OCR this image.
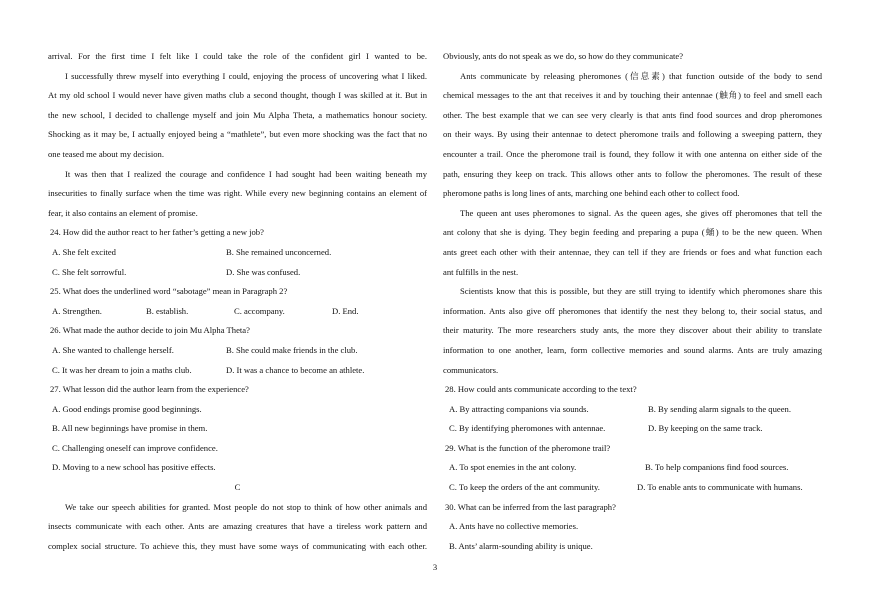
arrival. For the first time I felt like I could take the role of the confident girl I wanted to be.
I successfully threw myself into everything I could, enjoying the process of uncovering what I liked.
At my old school I would never have given maths club a second thought, though I was skilled at it. But in
the new school, I decided to challenge myself and join Mu Alpha Theta, a mathematics honour society.
Shocking as it may be, I actually enjoyed being a “mathlete”, but even more shocking was the fact that no
one teased me about my decision.
It was then that I realized the courage and confidence I had sought had been waiting beneath my
insecurities to finally surface when the time was right. While every new beginning contains an element of
fear, it also contains an element of promise.
24. How did the author react to her father’s getting a new job?
A. She felt excited	B. She remained unconcerned.
C. She felt sorrowful.	D. She was confused.
25. What does the underlined word “sabotage” mean in Paragraph 2?
A. Strengthen.	B. establish.	C. accompany.	D. End.
26. What made the author decide to join Mu Alpha Theta?
A. She wanted to challenge herself.	B. She could make friends in the club.
C. It was her dream to join a maths club.	D. It was a chance to become an athlete.
27. What lesson did the author learn from the experience?
A. Good endings promise good beginnings.
B. All new beginnings have promise in them.
C. Challenging oneself can improve confidence.
D. Moving to a new school has positive effects.
C
We take our speech abilities for granted. Most people do not stop to think of how other animals and
insects communicate with each other. Ants are amazing creatures that have a tireless work pattern and
complex social structure. To achieve this, they must have some ways of communicating with each other.
Obviously, ants do not speak as we do, so how do they communicate?
Ants communicate by releasing pheromones (信息素) that function outside of the body to send
chemical messages to the ant that receives it and by touching their antennae (触角) to feel and smell each
other. The best example that we can see very clearly is that ants find food sources and drop pheromones
on their ways. By using their antennae to detect pheromone trails and following a sweeping pattern, they
encounter a trail. Once the pheromone trail is found, they follow it with one antenna on either side of the
path, ensuring they keep on track. This allows other ants to follow the pheromones. The result of these
pheromone paths is long lines of ants, marching one behind each other to collect food.
The queen ant uses pheromones to signal. As the queen ages, she gives off pheromones that tell the
ant colony that she is dying. They begin feeding and preparing a pupa (蛹) to be the new queen. When
ants greet each other with their antennae, they can tell if they are friends or foes and what function each
ant fulfills in the nest.
Scientists know that this is possible, but they are still trying to identify which pheromones share this
information. Ants also give off pheromones that identify the nest they belong to, their social status, and
their maturity. The more researchers study ants, the more they discover about their ability to translate
information to one another, learn, form collective memories and sound alarms. Ants are truly amazing
communicators.
28. How could ants communicate according to the text?
A. By attracting companions via sounds.	B. By sending alarm signals to the queen.
C. By identifying pheromones with antennae.	D. By keeping on the same track.
29. What is the function of the pheromone trail?
A. To spot enemies in the ant colony.	B. To help companions find food sources.
C. To keep the orders of the ant community.	D. To enable ants to communicate with humans.
30. What can be inferred from the last paragraph?
A. Ants have no collective memories.
B. Ants’ alarm-sounding ability is unique.
3
